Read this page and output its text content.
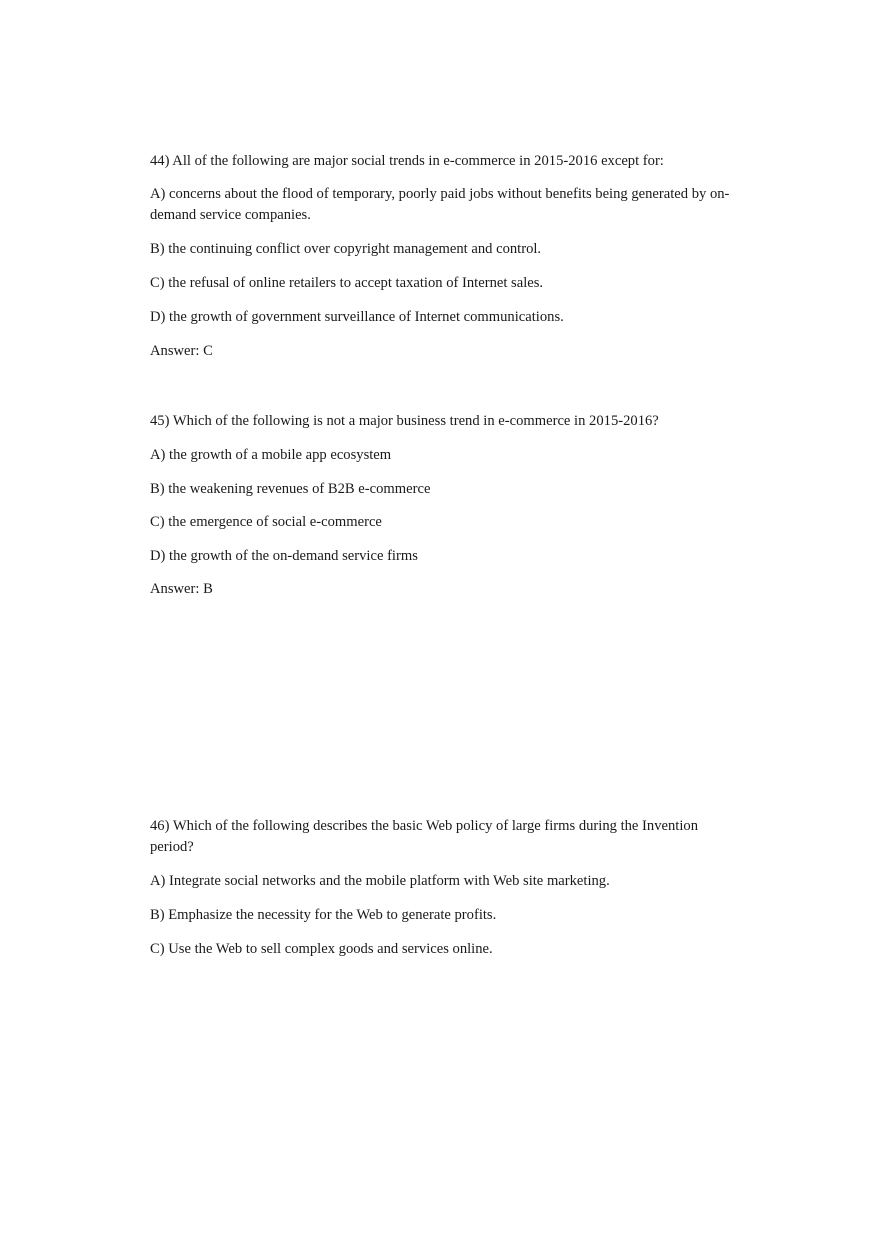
44) All of the following are major social trends in e-commerce in 2015-2016 except for:
A) concerns about the flood of temporary, poorly paid jobs without benefits being generated by on-demand service companies.
B) the continuing conflict over copyright management and control.
C) the refusal of online retailers to accept taxation of Internet sales.
D) the growth of government surveillance of Internet communications.
Answer: C
45) Which of the following is not a major business trend in e-commerce in 2015-2016?
A) the growth of a mobile app ecosystem
B) the weakening revenues of B2B e-commerce
C) the emergence of social e-commerce
D) the growth of the on-demand service firms
Answer: B
46) Which of the following describes the basic Web policy of large firms during the Invention period?
A) Integrate social networks and the mobile platform with Web site marketing.
B) Emphasize the necessity for the Web to generate profits.
C) Use the Web to sell complex goods and services online.
